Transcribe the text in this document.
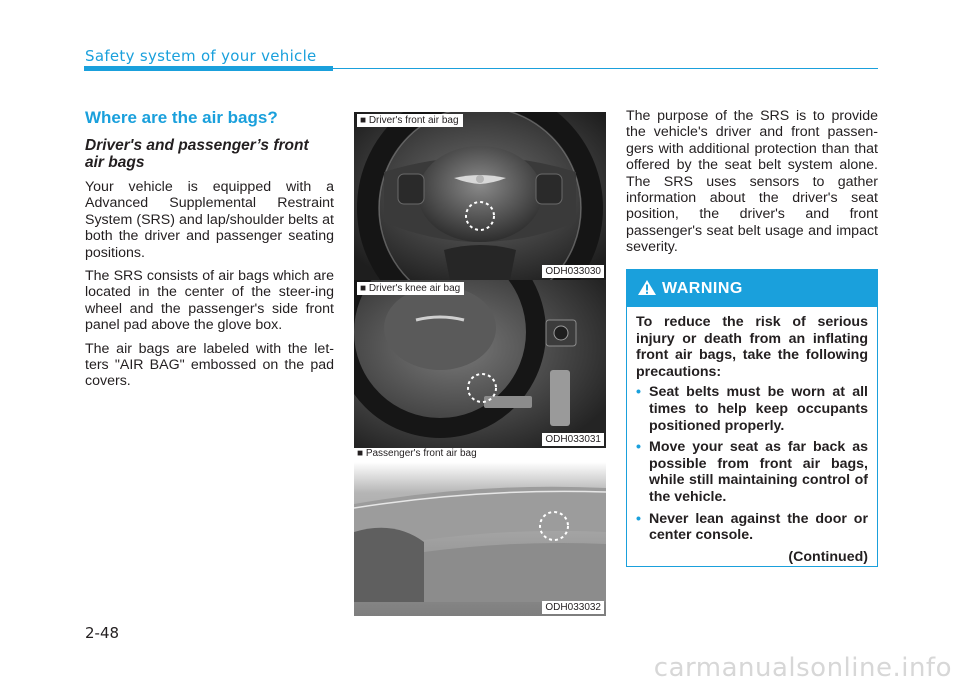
Safety system of your vehicle
Where are the air bags?
Driver's and passenger’s front
air bags

Your vehicle is equipped with a Advanced Supplemental Restraint System (SRS) and lap/shoulder belts at both the driver and passenger seating positions.

The SRS consists of air bags which are located in the center of the steer-ing wheel and the passenger's side front panel pad above the glove box.

The air bags are labeled with the let-ters "AIR BAG" embossed on the pad covers.

■ Driver's front air bag
ODH033030
■ Driver's knee air bag
ODH033031
■ Passenger's front air bag
ODH033032

The purpose of the SRS is to provide the vehicle's driver and front passen-gers with additional protection than that offered by the seat belt system alone. The SRS uses sensors to gather information about the driver's seat position, the driver's and front passenger's seat belt usage and impact severity.

WARNING

To reduce the risk of serious injury or death from an inflating front air bags, take the following precautions:

• Seat belts must be worn at all times to help keep occupants positioned properly.
• Move your seat as far back as possible from front air bags, while still maintaining control of the vehicle.
• Never lean against the door or center console.
(Continued)
2-48
carmanualsonline.info
